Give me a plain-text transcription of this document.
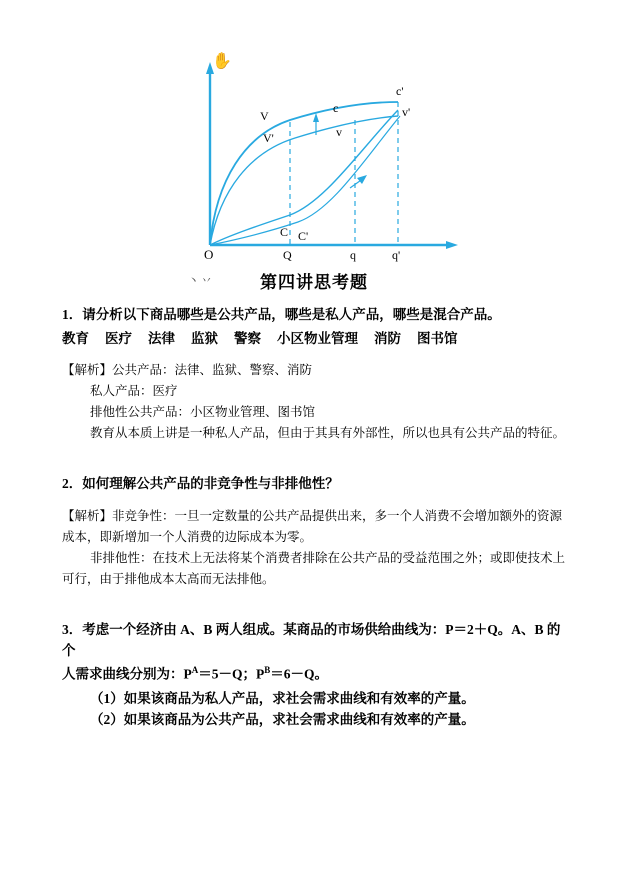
O	Q	q	q'
V
V'
c
v
c'
v'
C C'
✋
丶丷	第四讲思考题
1．请分析以下商品哪些是公共产品，哪些是私人产品，哪些是混合产品。
教育 医疗 法律 监狱 警察 小区物业管理 消防 图书馆
【解析】公共产品：法律、监狱、警察、消防
私人产品：医疗
排他性公共产品：小区物业管理、图书馆
教育从本质上讲是一种私人产品，但由于其具有外部性，所以也具有公共产品的特征。
2．如何理解公共产品的非竞争性与非排他性？
【解析】非竞争性：一旦一定数量的公共产品提供出来，多一个人消费不会增加额外的资源
成本，即新增加一个人消费的边际成本为零。
非排他性：在技术上无法将某个消费者排除在公共产品的受益范围之外；或即使技术上
可行，由于排他成本太高而无法排他。
3．考虑一个经济由 A、B 两人组成。某商品的市场供给曲线为：P＝2＋Q。A、B 的个
人需求曲线分别为：$P^A=5-Q$；$P^B=6-Q$。
（1）如果该商品为私人产品，求社会需求曲线和有效率的产量。
（2）如果该商品为公共产品，求社会需求曲线和有效率的产量。
